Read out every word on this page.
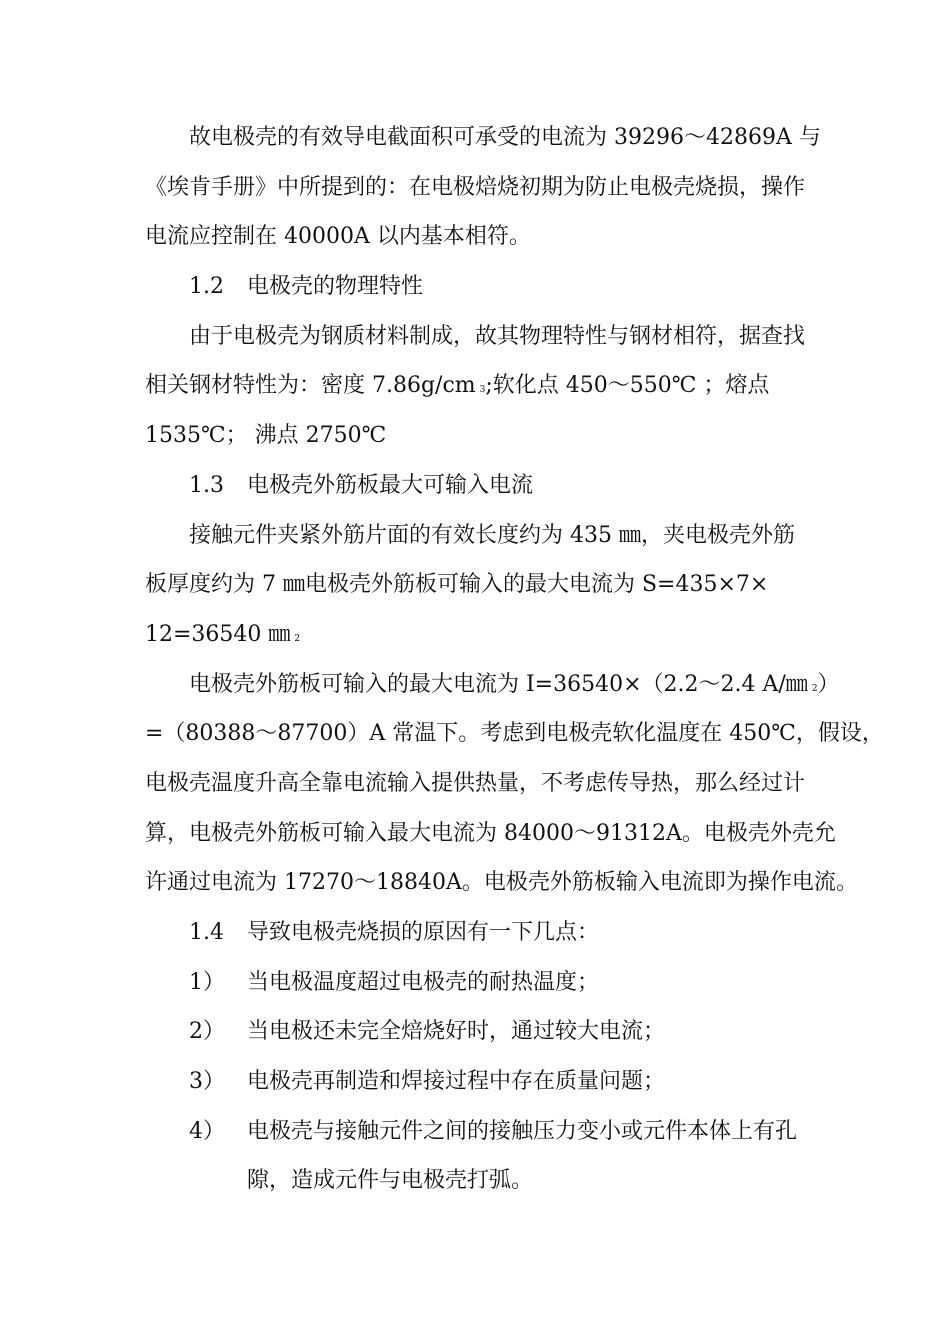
故电极壳的有效导电截面积可承受的电流为 39296～42869A 与
《埃肯手册》中所提到的：在电极焙烧初期为防止电极壳烧损，操作
电流应控制在 40000A 以内基本相符。
1.2 电极壳的物理特性
由于电极壳为钢质材料制成，故其物理特性与钢材相符，据查找
相关钢材特性为：密度 7.86g/cm 3;软化点 450～550℃ ；熔点
1535℃； 沸点 2750℃
1.3 电极壳外筋板最大可输入电流
接触元件夹紧外筋片面的有效长度约为 435 ㎜，夹电极壳外筋
板厚度约为 7 ㎜电极壳外筋板可输入的最大电流为 S=435×7×
12=36540 ㎜ 2
电极壳外筋板可输入的最大电流为 I=36540×（2.2～2.4 A/㎜ 2）
=（80388～87700）A 常温下。考虑到电极壳软化温度在 450℃，假设，
电极壳温度升高全靠电流输入提供热量，不考虑传导热，那么经过计
算，电极壳外筋板可输入最大电流为 84000～91312A。电极壳外壳允
许通过电流为 17270～18840A。电极壳外筋板输入电流即为操作电流。
1.4 导致电极壳烧损的原因有一下几点：
1） 当电极温度超过电极壳的耐热温度；
2） 当电极还未完全焙烧好时，通过较大电流；
3） 电极壳再制造和焊接过程中存在质量问题；
4） 电极壳与接触元件之间的接触压力变小或元件本体上有孔
隙，造成元件与电极壳打弧。
